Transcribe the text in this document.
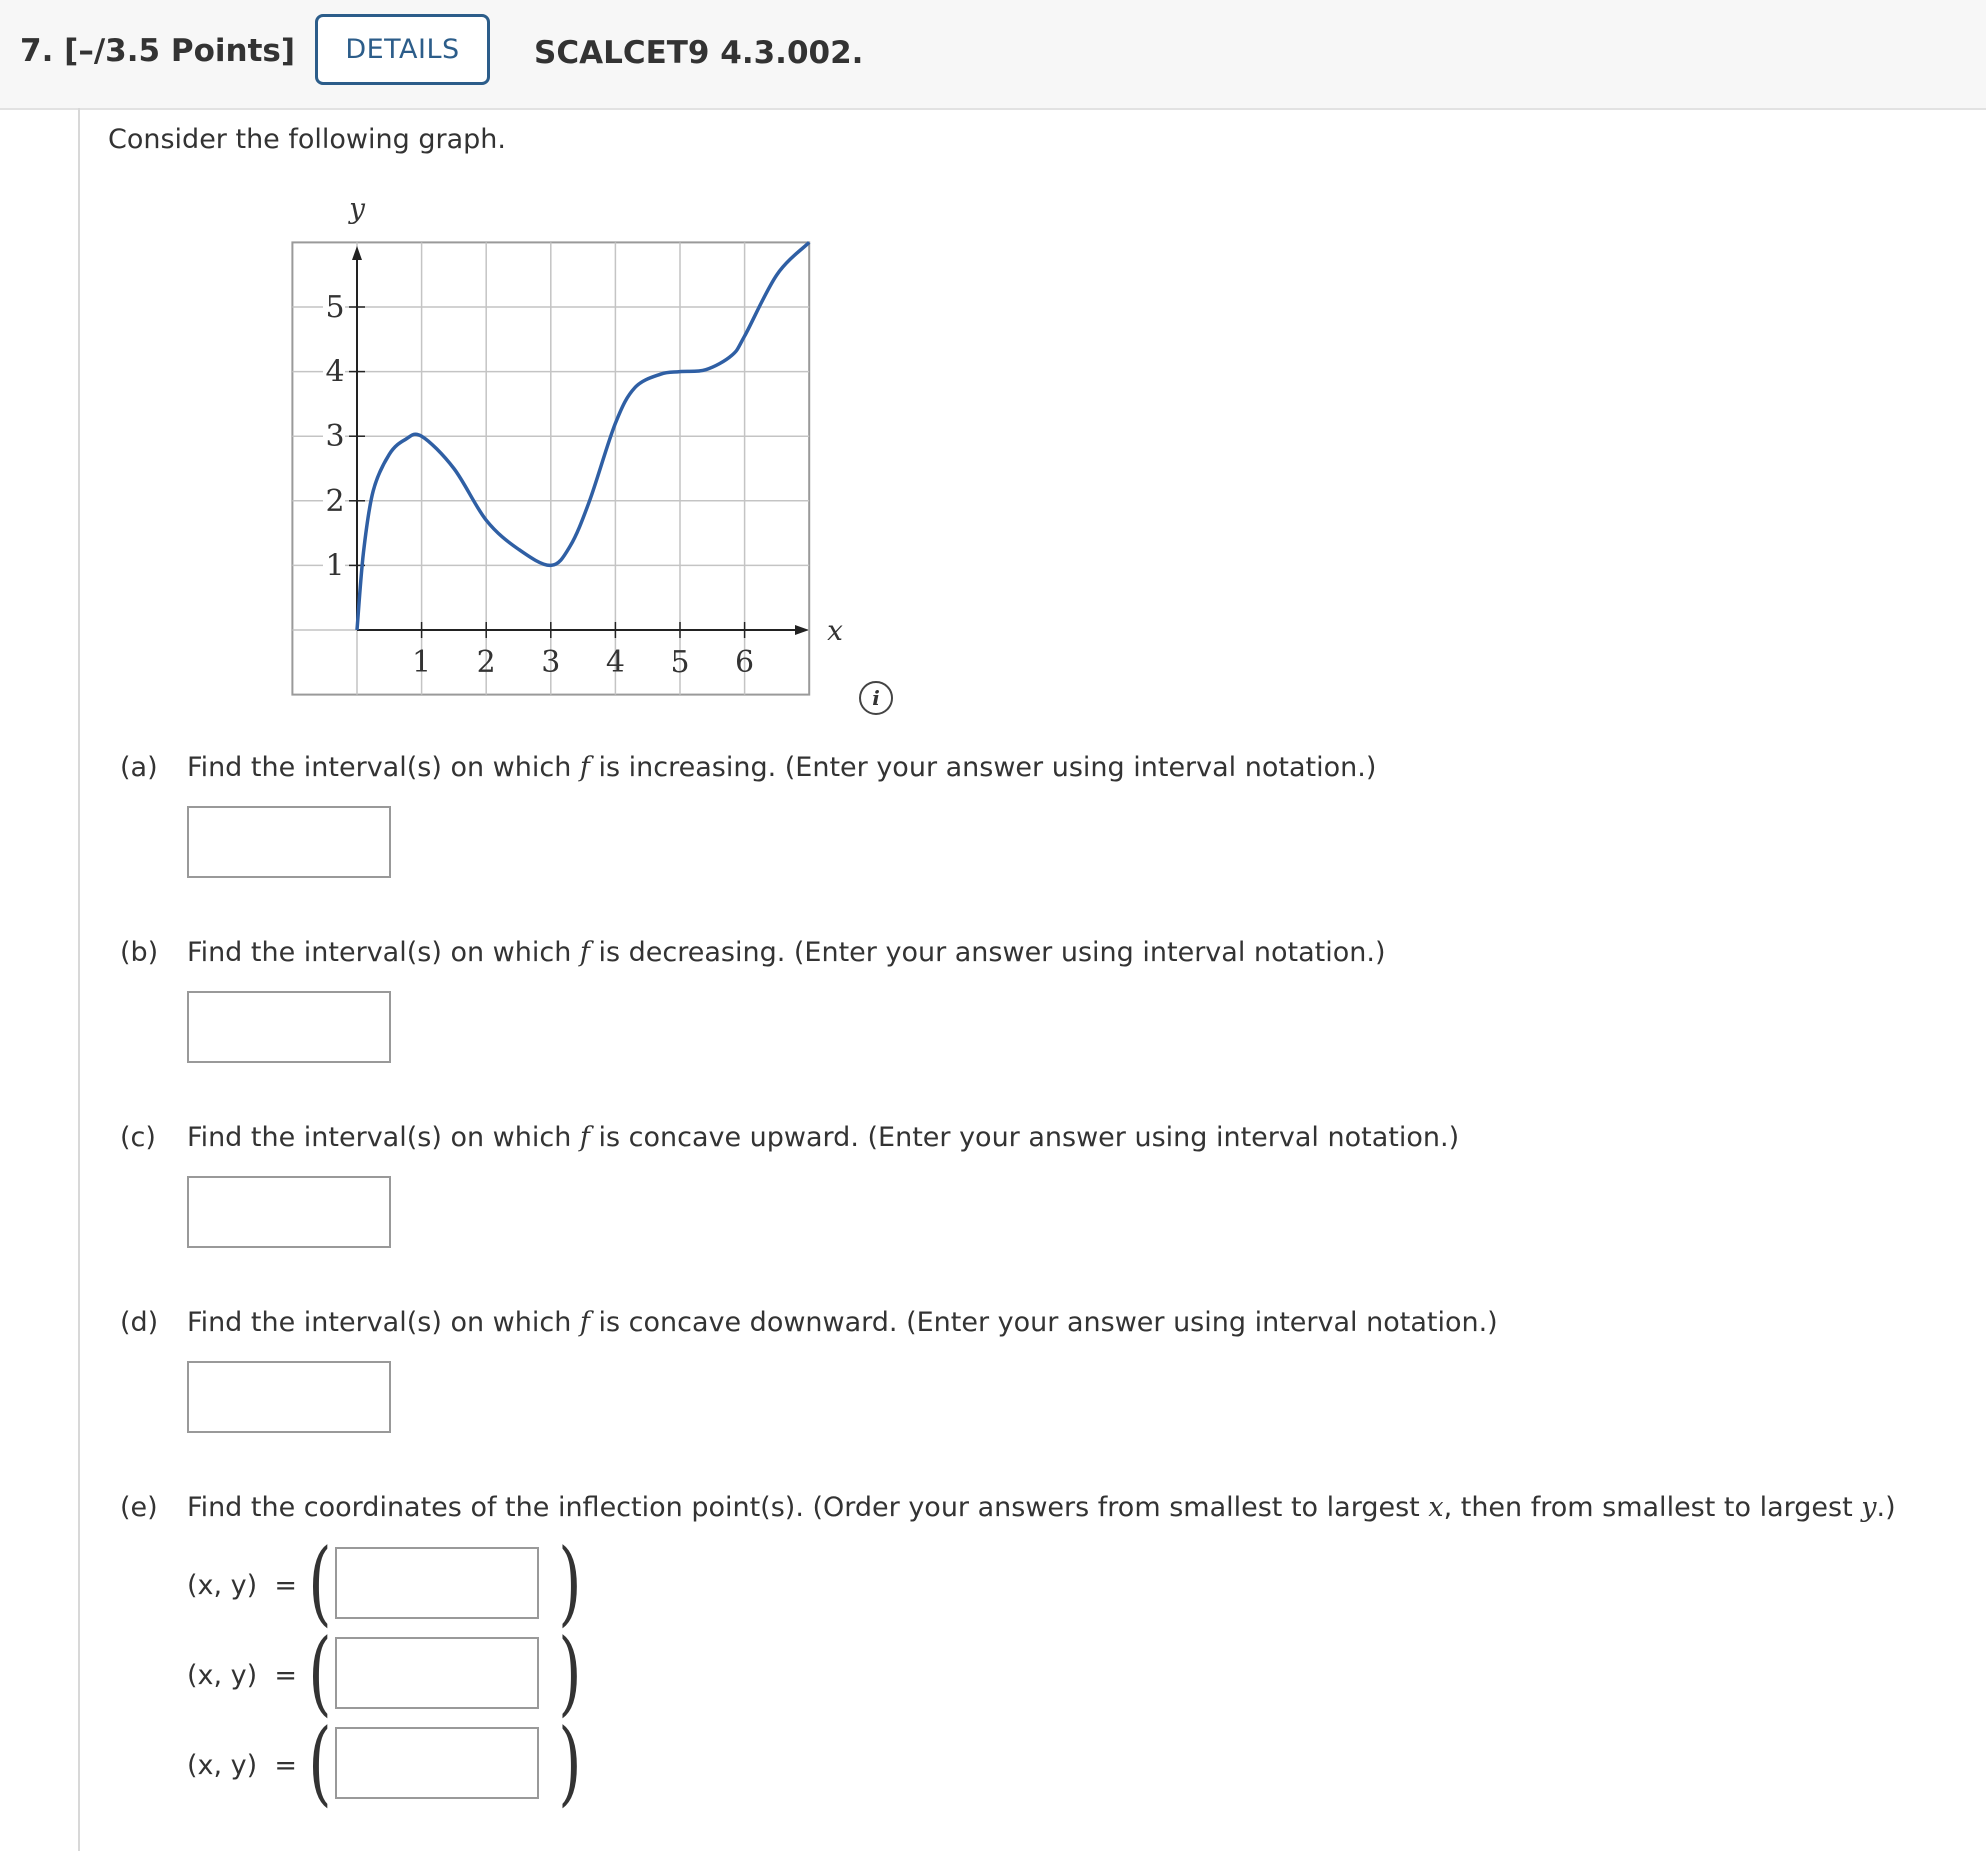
7. [–/3.5 Points]	DETAILS	SCALCET9 4.3.002.
Consider the following graph.
1 2 3 4 5 6
1
2
3
4
5
y
x
i
(a) Find the interval(s) on which f is increasing. (Enter your answer using interval notation.)
(b) Find the interval(s) on which f is decreasing. (Enter your answer using interval notation.)
(c) Find the interval(s) on which f is concave upward. (Enter your answer using interval notation.)
(d) Find the interval(s) on which f is concave downward. (Enter your answer using interval notation.)
(e) Find the coordinates of the inflection point(s). (Order your answers from smallest to largest x, then from smallest to largest y.)
(x, y) = ( )
(x, y) = ( )
(x, y) = ( )
